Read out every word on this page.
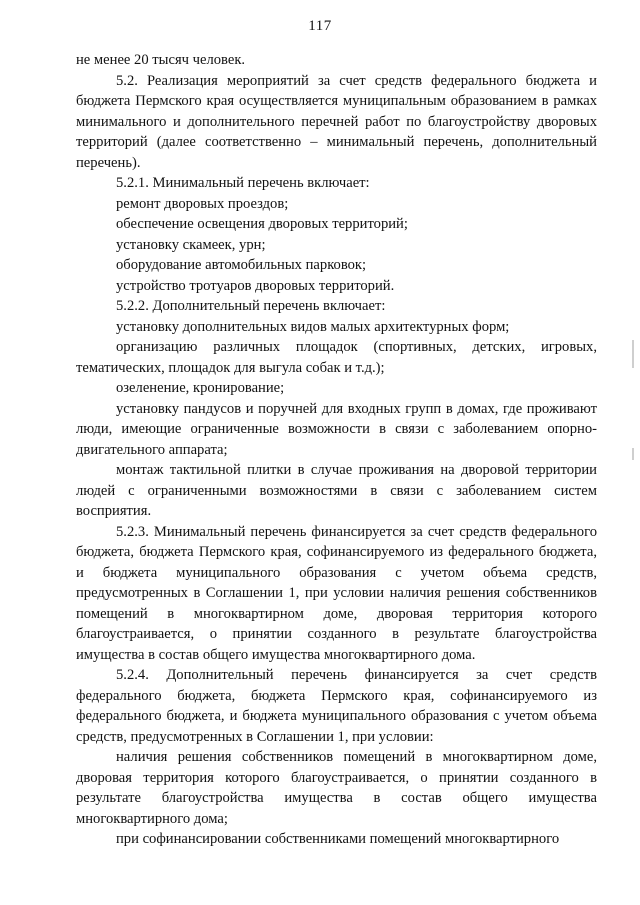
117

не менее 20 тысяч человек.

5.2. Реализация мероприятий за счет средств федерального бюджета и бюджета Пермского края осуществляется муниципальным образованием в рамках минимального и дополнительного перечней работ по благоустройству дворовых территорий (далее соответственно – минимальный перечень, дополнительный перечень).

5.2.1. Минимальный перечень включает:

ремонт дворовых проездов;

обеспечение освещения дворовых территорий;

установку скамеек, урн;

оборудование автомобильных парковок;

устройство тротуаров дворовых территорий.

5.2.2. Дополнительный перечень включает:

установку дополнительных видов малых архитектурных форм;

организацию различных площадок (спортивных, детских, игровых, тематических, площадок для выгула собак и т.д.);

озеленение, кронирование;

установку пандусов и поручней для входных групп в домах, где проживают люди, имеющие ограниченные возможности в связи с заболеванием опорно-двигательного аппарата;

монтаж тактильной плитки в случае проживания на дворовой территории людей с ограниченными возможностями в связи с заболеванием систем восприятия.

5.2.3. Минимальный перечень финансируется за счет средств федерального бюджета, бюджета Пермского края, софинансируемого из федерального бюджета, и бюджета муниципального образования с учетом объема средств, предусмотренных в Соглашении 1, при условии наличия решения собственников помещений в многоквартирном доме, дворовая территория которого благоустраивается, о принятии созданного в результате благоустройства имущества в состав общего имущества многоквартирного дома.

5.2.4. Дополнительный перечень финансируется за счет средств федерального бюджета, бюджета Пермского края, софинансируемого из федерального бюджета, и бюджета муниципального образования с учетом объема средств, предусмотренных в Соглашении 1, при условии:

наличия решения собственников помещений в многоквартирном доме, дворовая территория которого благоустраивается, о принятии созданного в результате благоустройства имущества в состав общего имущества многоквартирного дома;

при софинансировании собственниками помещений многоквартирного
